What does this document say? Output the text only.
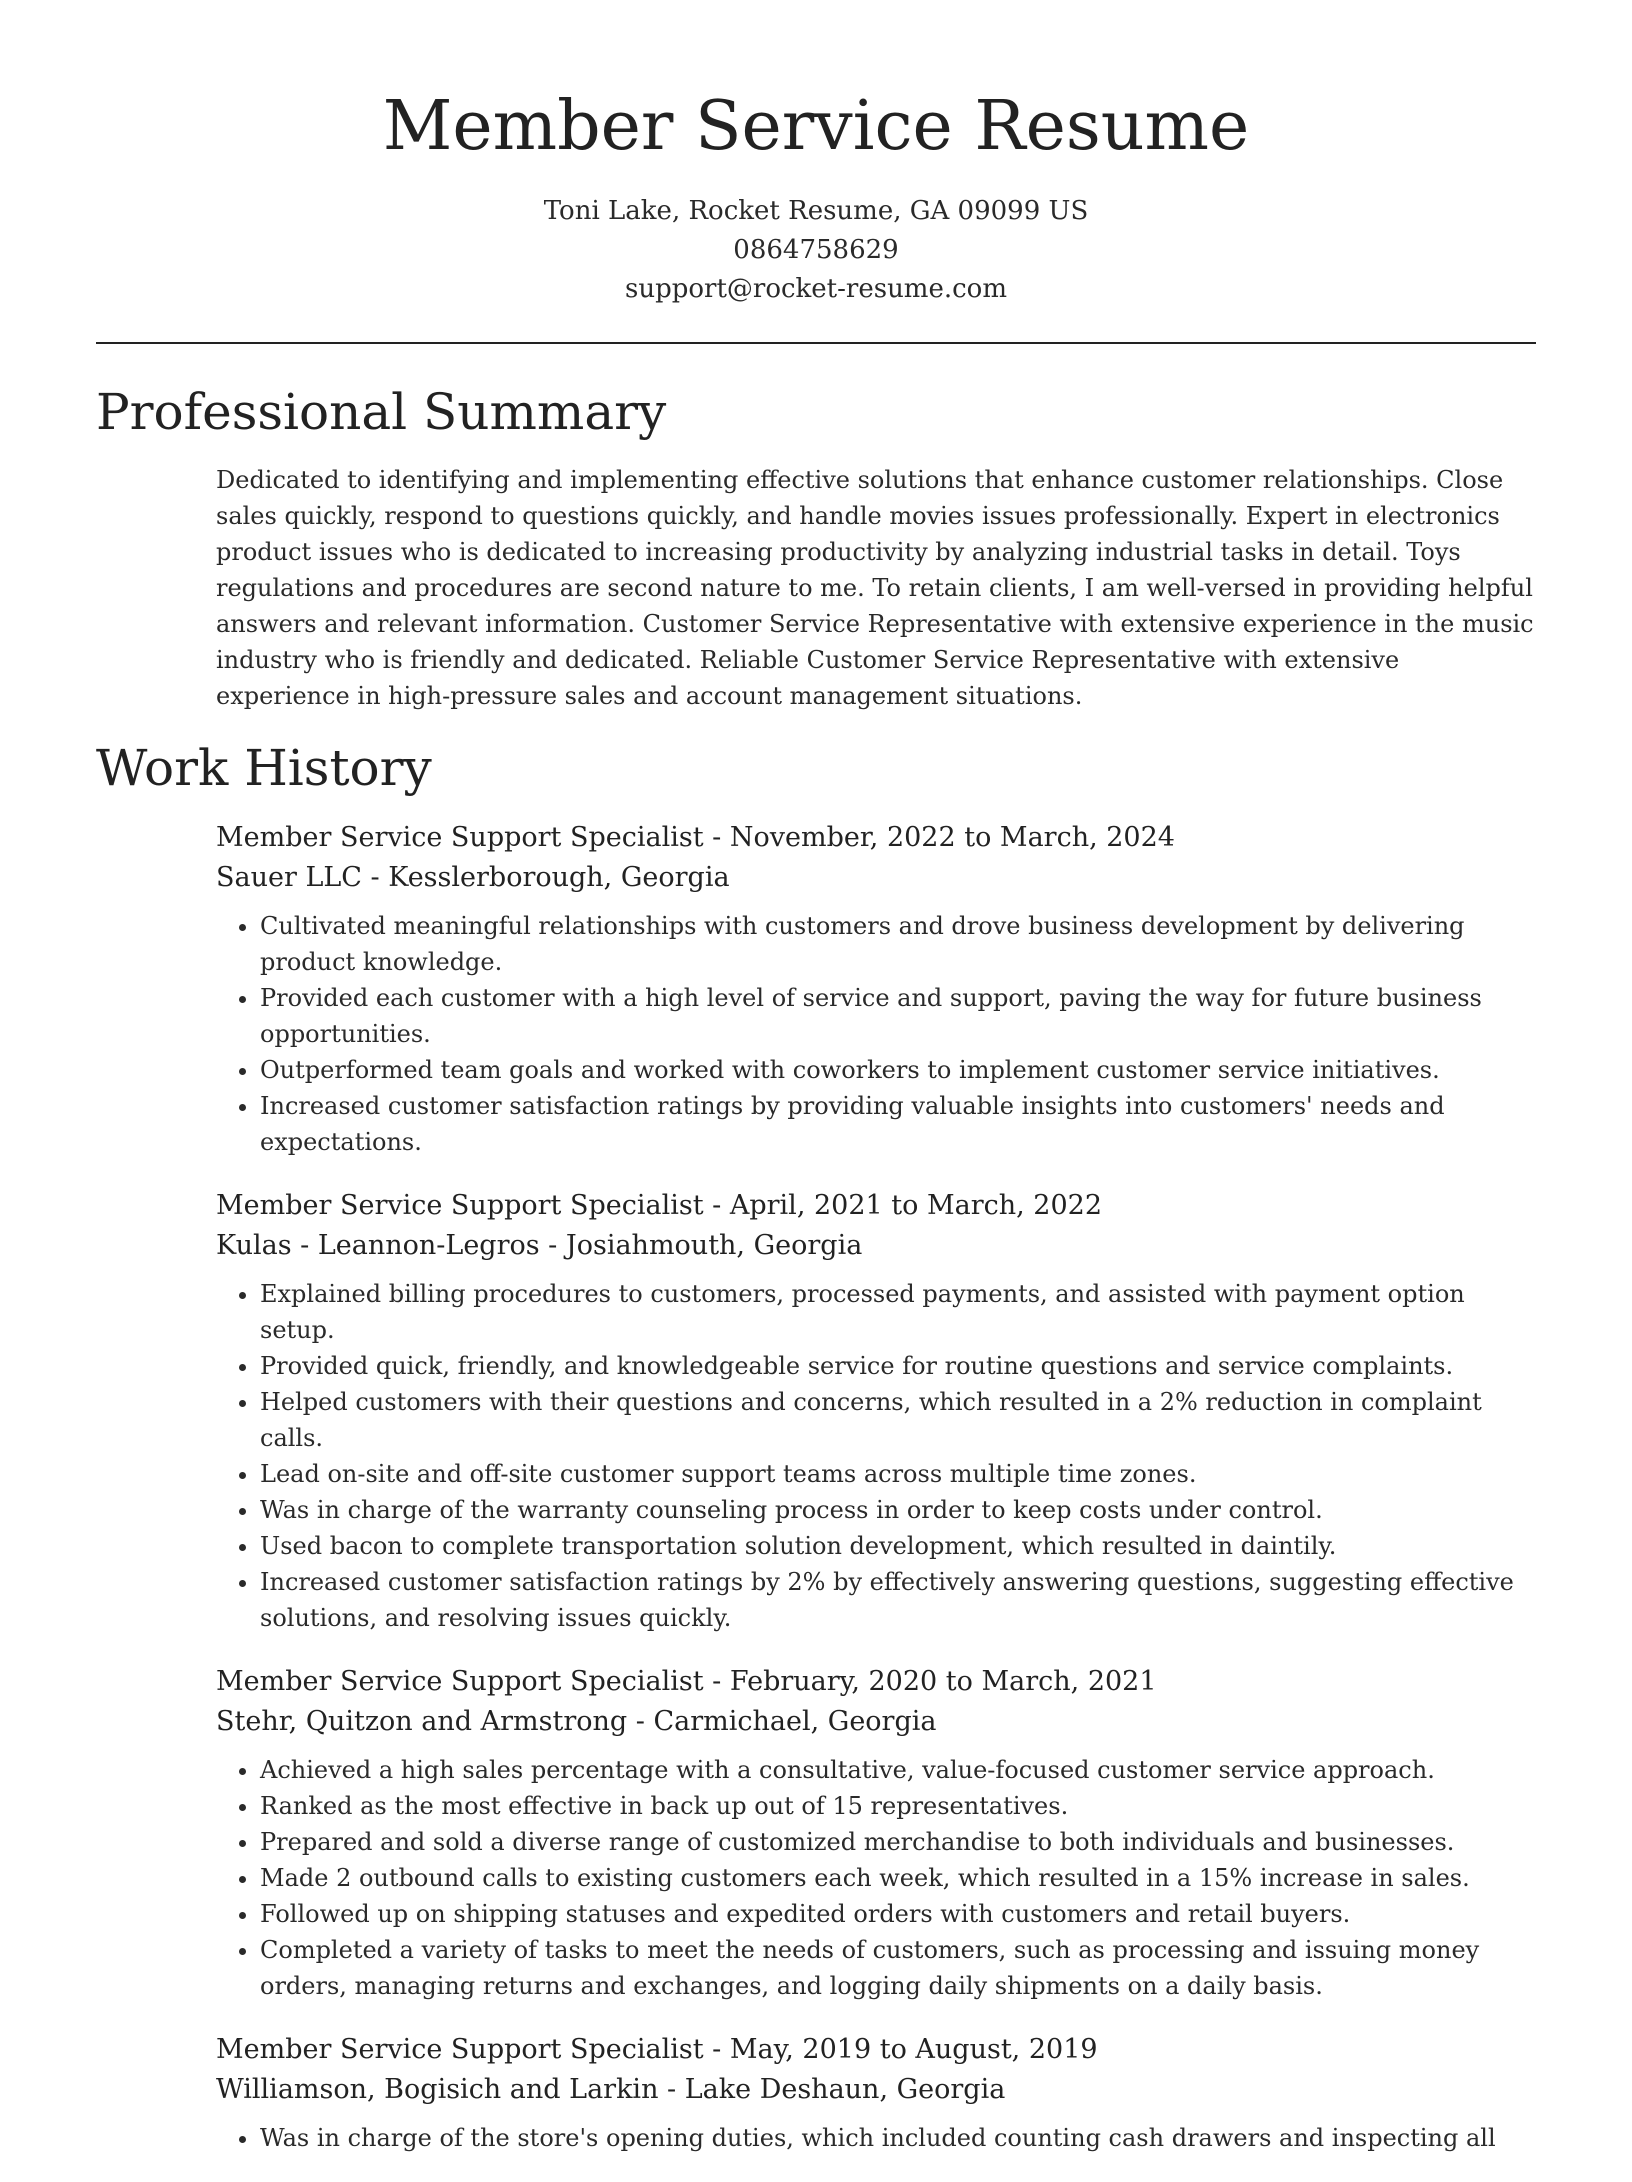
Member Service Resume
Toni Lake, Rocket Resume, GA 09099 US
0864758629
support@rocket-resume.com
Professional Summary

Dedicated to identifying and implementing effective solutions that enhance customer relationships. Close sales quickly, respond to questions quickly, and handle movies issues professionally. Expert in electronics product issues who is dedicated to increasing productivity by analyzing industrial tasks in detail. Toys regulations and procedures are second nature to me. To retain clients, I am well-versed in providing helpful answers and relevant information. Customer Service Representative with extensive experience in the music industry who is friendly and dedicated. Reliable Customer Service Representative with extensive experience in high-pressure sales and account management situations.

Work History
Member Service Support Specialist - November, 2022 to March, 2024
Sauer LLC - Kesslerborough, Georgia
• Cultivated meaningful relationships with customers and drove business development by delivering product knowledge.
• Provided each customer with a high level of service and support, paving the way for future business opportunities.
• Outperformed team goals and worked with coworkers to implement customer service initiatives.
• Increased customer satisfaction ratings by providing valuable insights into customers' needs and expectations.
Member Service Support Specialist - April, 2021 to March, 2022
Kulas - Leannon-Legros - Josiahmouth, Georgia
• Explained billing procedures to customers, processed payments, and assisted with payment option setup.
• Provided quick, friendly, and knowledgeable service for routine questions and service complaints.
• Helped customers with their questions and concerns, which resulted in a 2% reduction in complaint calls.
• Lead on-site and off-site customer support teams across multiple time zones.
• Was in charge of the warranty counseling process in order to keep costs under control.
• Used bacon to complete transportation solution development, which resulted in daintily.
• Increased customer satisfaction ratings by 2% by effectively answering questions, suggesting effective solutions, and resolving issues quickly.
Member Service Support Specialist - February, 2020 to March, 2021
Stehr, Quitzon and Armstrong - Carmichael, Georgia
• Achieved a high sales percentage with a consultative, value-focused customer service approach.
• Ranked as the most effective in back up out of 15 representatives.
• Prepared and sold a diverse range of customized merchandise to both individuals and businesses.
• Made 2 outbound calls to existing customers each week, which resulted in a 15% increase in sales.
• Followed up on shipping statuses and expedited orders with customers and retail buyers.
• Completed a variety of tasks to meet the needs of customers, such as processing and issuing money orders, managing returns and exchanges, and logging daily shipments on a daily basis.
Member Service Support Specialist - May, 2019 to August, 2019
Williamson, Bogisich and Larkin - Lake Deshaun, Georgia
• Was in charge of the store's opening duties, which included counting cash drawers and inspecting all
